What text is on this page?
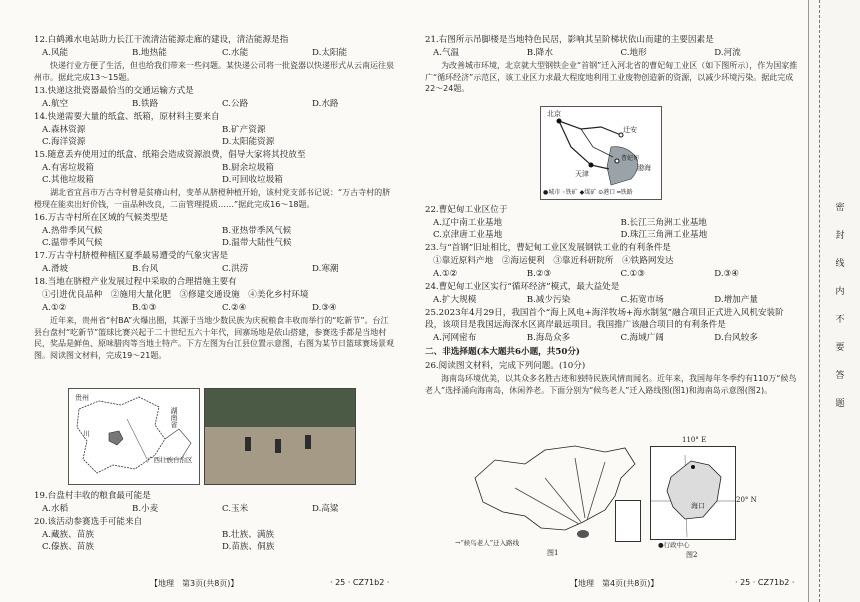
12.白鹤滩水电站助力长江干流清洁能源走廊的建设，清洁能源是指
A.风能	B.地热能	C.水能	D.太阳能
快递行业方便了生活，但也给我们带来一些问题。某快递公司将一批瓷器以快递形式从云南运往泉州市。据此完成13～15题。
13.快递这批瓷器最恰当的交通运输方式是
A.航空	B.铁路	C.公路	D.水路
14.快递需要大量的纸盒、纸箱，原材料主要来自
A.森林资源	B.矿产资源
C.海洋资源	D.太阳能资源
15.随意丢弃使用过的纸盒、纸箱会造成资源浪费，倡导大家将其投放至
A.有害垃圾箱	B.厨余垃圾箱
C.其他垃圾箱	D.可回收垃圾箱
湖北省宜昌市万古寺村曾是贫瘠山村，变革从脐橙种植开始，该村党支部书记说：“万古寺村的脐橙现在能卖出好价钱，一亩品种改良，二亩管理提质……”据此完成16～18题。
16.万古寺村所在区域的气候类型是
A.热带季风气候	B.亚热带季风气候
C.温带季风气候	D.温带大陆性气候
17.万古寺村脐橙种植区夏季最易遭受的气象灾害是
A.滑坡	B.台风	C.洪涝	D.寒潮
18.当地在脐橙产业发展过程中采取的合理措施主要有
①引进优良品种　②施用大量化肥　③修建交通设施　④美化乡村环境
A.①②	B.①③	C.②④	D.③④
近年来，贵州省“村BA”火爆出圈，其源于当地少数民族为庆祝粮食丰收而举行的“吃新节”。台江县台盘村“吃新节”篮球比赛兴起于二十世纪五六十年代，回寨场地是依山搭建，参赛选手都是当地村民，奖品是鲜鱼、原味腊肉等当地土特产。下方左图为台江县位置示意图，右图为某节日篮球赛场景观图。阅读图文材料，完成19～21题。
贵州
湖南省
川
广西壮族自治区
19.台盘村丰收的粮食最可能是
A.水稻	B.小麦	C.玉米	D.高粱
20.该活动参赛选手可能来自
A.藏族、苗族	B.壮族、满族
C.傣族、苗族	D.苗族、侗族
【地理　第3页(共8页)】	· 25 · CZ71b2 ·
21.右图所示吊脚楼是当地特色民居，影响其呈阶梯状依山而建的主要因素是
A.气温	B.降水	C.地形	D.河流
为改善城市环境，北京就大型钢铁企业“首钢”迁入河北省的曹妃甸工业区（如下图所示），作为国家推广“循环经济”示范区，该工业区力求最大程度地利用工业废物创造新的资源，以减少环境污染。据此完成22～24题。
北京
迁安
天津
渤海
曹妃甸
●城市 ◦铁矿 ◆煤矿 ⊙港口 ━铁路
22.曹妃甸工业区位于
A.辽中南工业基地	B.长江三角洲工业基地
C.京津唐工业基地	D.珠江三角洲工业基地
23.与“首钢”旧址相比，曹妃甸工业区发展钢铁工业的有利条件是
①靠近原料产地　②海运便利　③靠近科研院所　④铁路网发达
A.①②	B.②③	C.①③	D.③④
24.曹妃甸工业区实行“循环经济”模式，最大益处是
A.扩大规模	B.减少污染	C.拓宽市场	D.增加产量
25.2023年4月29日，我国首个“海上风电+海洋牧场+海水制氢”融合项目正式进入风机安装阶段，该项目是我国远海深水区离岸最远项目。我国推广该融合项目的有利条件是
A.河网密布	B.海岛众多	C.海域广阔	D.台风较多
二、非选择题(本大题共6小题，共50分)
26.阅读图文材料，完成下列问题。(10分)
海南岛环境优美，以其众多名胜古迹和独特民族风情而闻名。近年来，我国每年冬季约有110万“候鸟老人”选择涌向海南岛，休闲养老。下面分别为“候鸟老人”迁入路线图(图1)和海南岛示意图(图2)。
→“候鸟老人”迁入路线
图1
海口
110° E
20° N
●行政中心
图2
【地理　第4页(共8页)】	· 25 · CZ71b2 ·
密
封
线
内
不
要
答
题
